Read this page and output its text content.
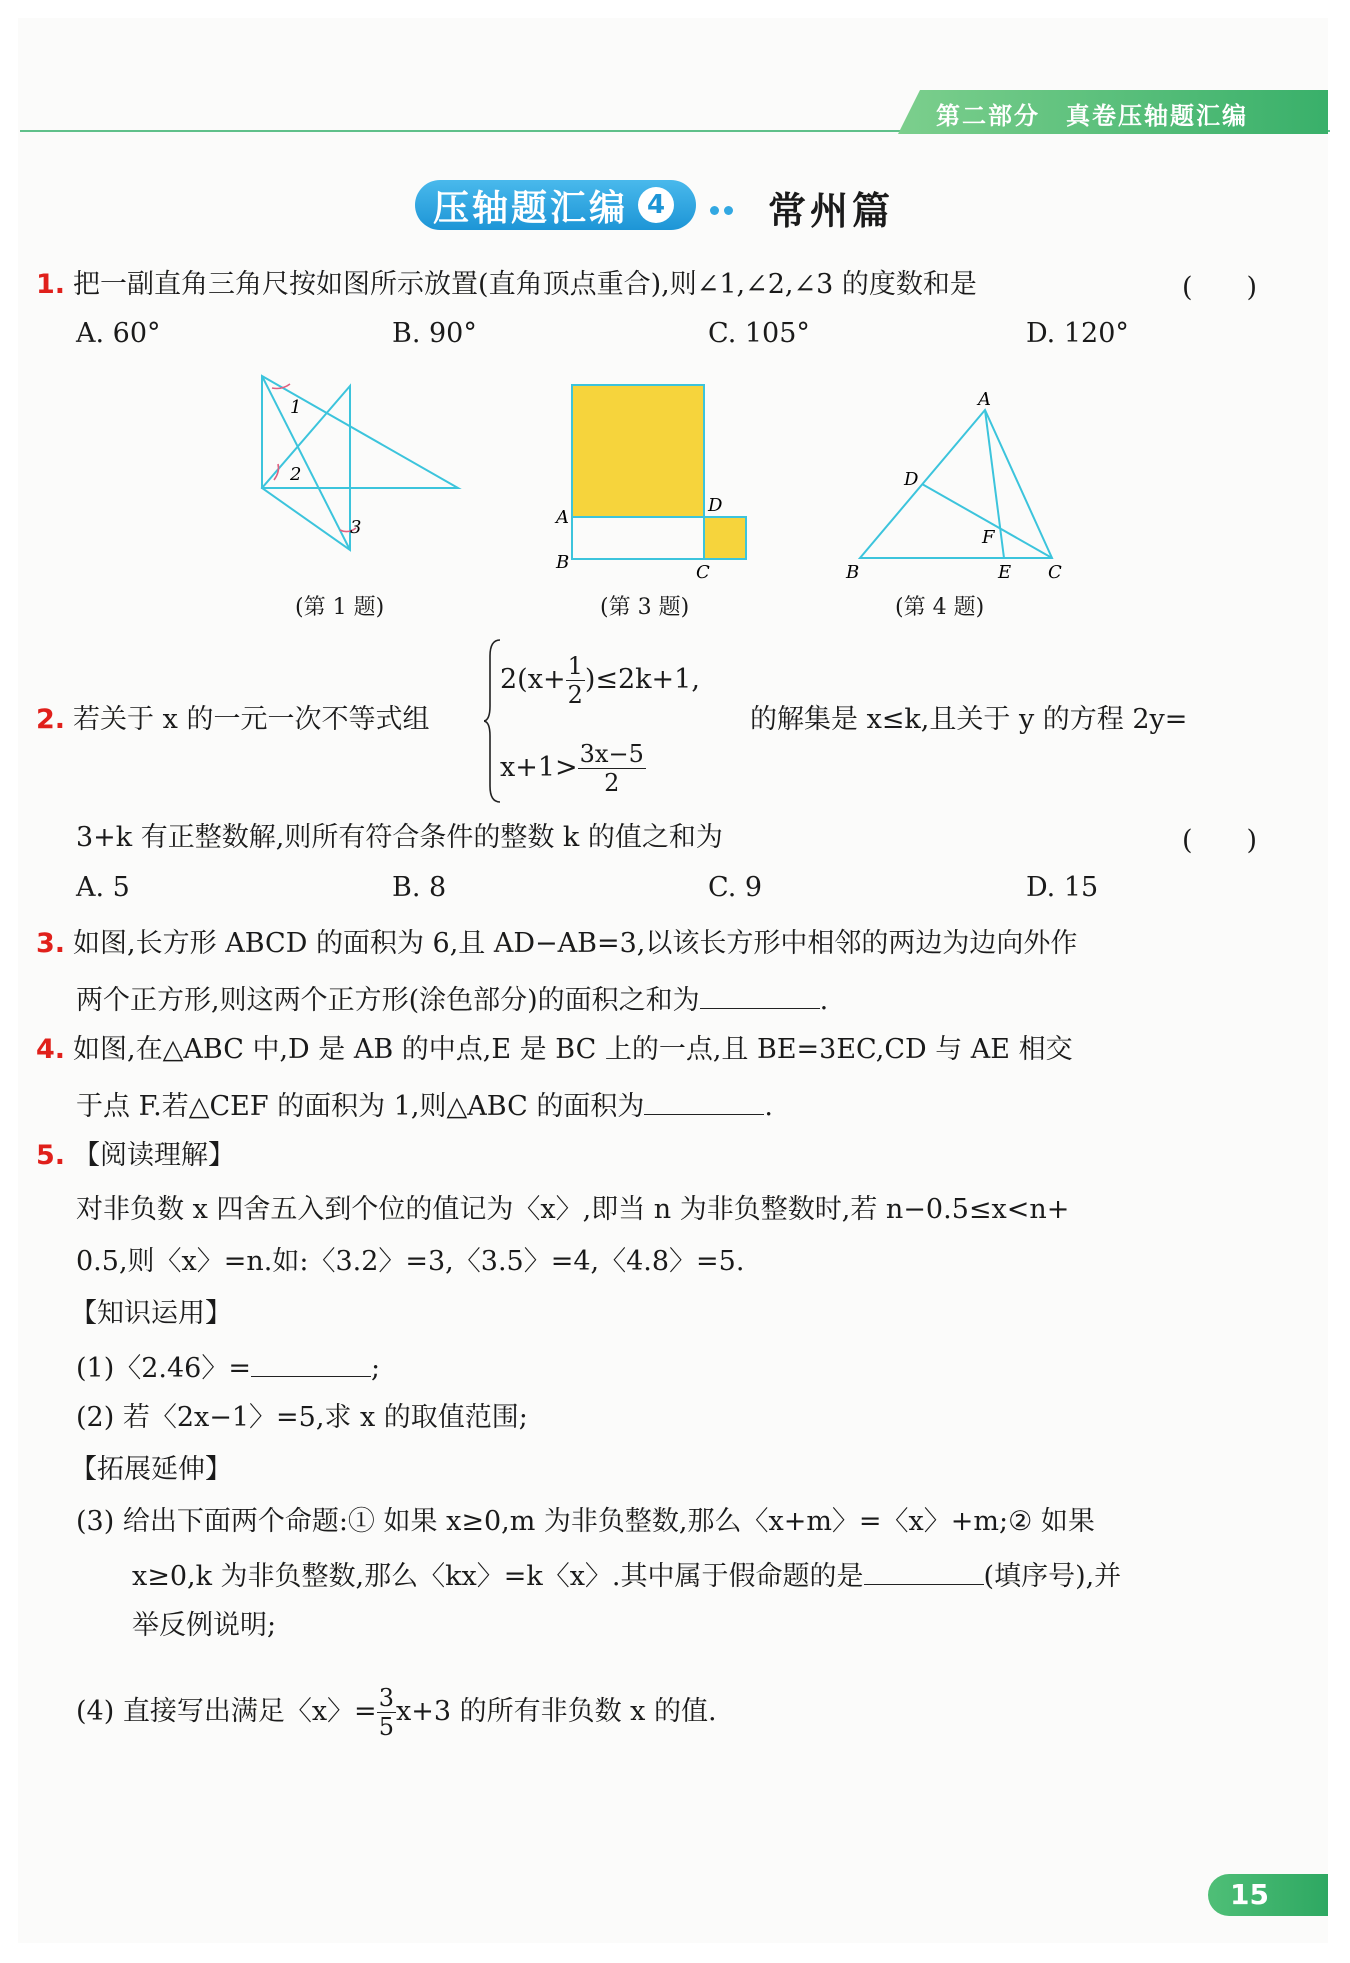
第二部分 真卷压轴题汇编
压轴题汇编 4	常州篇
1. 把一副直角三角尺按如图所示放置(直角顶点重合),则∠1,∠2,∠3 的度数和是	(　　)
A. 60°	B. 90°	C. 105°	D. 120°
1
2
3
(第 1 题)
A
D
B	C
(第 3 题)
A
D
F
B	E C
(第 4 题)
2. 若关于 x 的一元一次不等式组
$2(x+ \frac{1}{2} )\le 2k+1$,
$x+1> \frac{3x-5}{2}$
的解集是 x≤k,且关于 y 的方程 2y=
3+k 有正整数解,则所有符合条件的整数 k 的值之和为	(　　)
A. 5	B. 8	C. 9	D. 15
3. 如图,长方形 ABCD 的面积为 6,且 AD−AB=3,以该长方形中相邻的两边为边向外作
两个正方形,则这两个正方形(涂色部分)的面积之和为	.
4. 如图,在△ABC 中,D 是 AB 的中点,E 是 BC 上的一点,且 BE=3EC,CD 与 AE 相交
于点 F.若△CEF 的面积为 1,则△ABC 的面积为	.
5. 【阅读理解】
对非负数 x 四舍五入到个位的值记为〈x〉,即当 n 为非负整数时,若 n−0.5≤x<n+
0.5,则〈x〉=n.如:〈3.2〉=3,〈3.5〉=4,〈4.8〉=5.
【知识运用】
(1)〈2.46〉=	;
(2) 若〈2x−1〉=5,求 x 的取值范围;
【拓展延伸】
(3) 给出下面两个命题:① 如果 x≥0,m 为非负整数,那么〈x+m〉=〈x〉+m;② 如果
x≥0,k 为非负整数,那么〈kx〉=k〈x〉.其中属于假命题的是	(填序号),并
举反例说明;
(4) 直接写出满足〈x〉= $\frac{3}{5} x+3$ 的所有非负数 x 的值.
15
